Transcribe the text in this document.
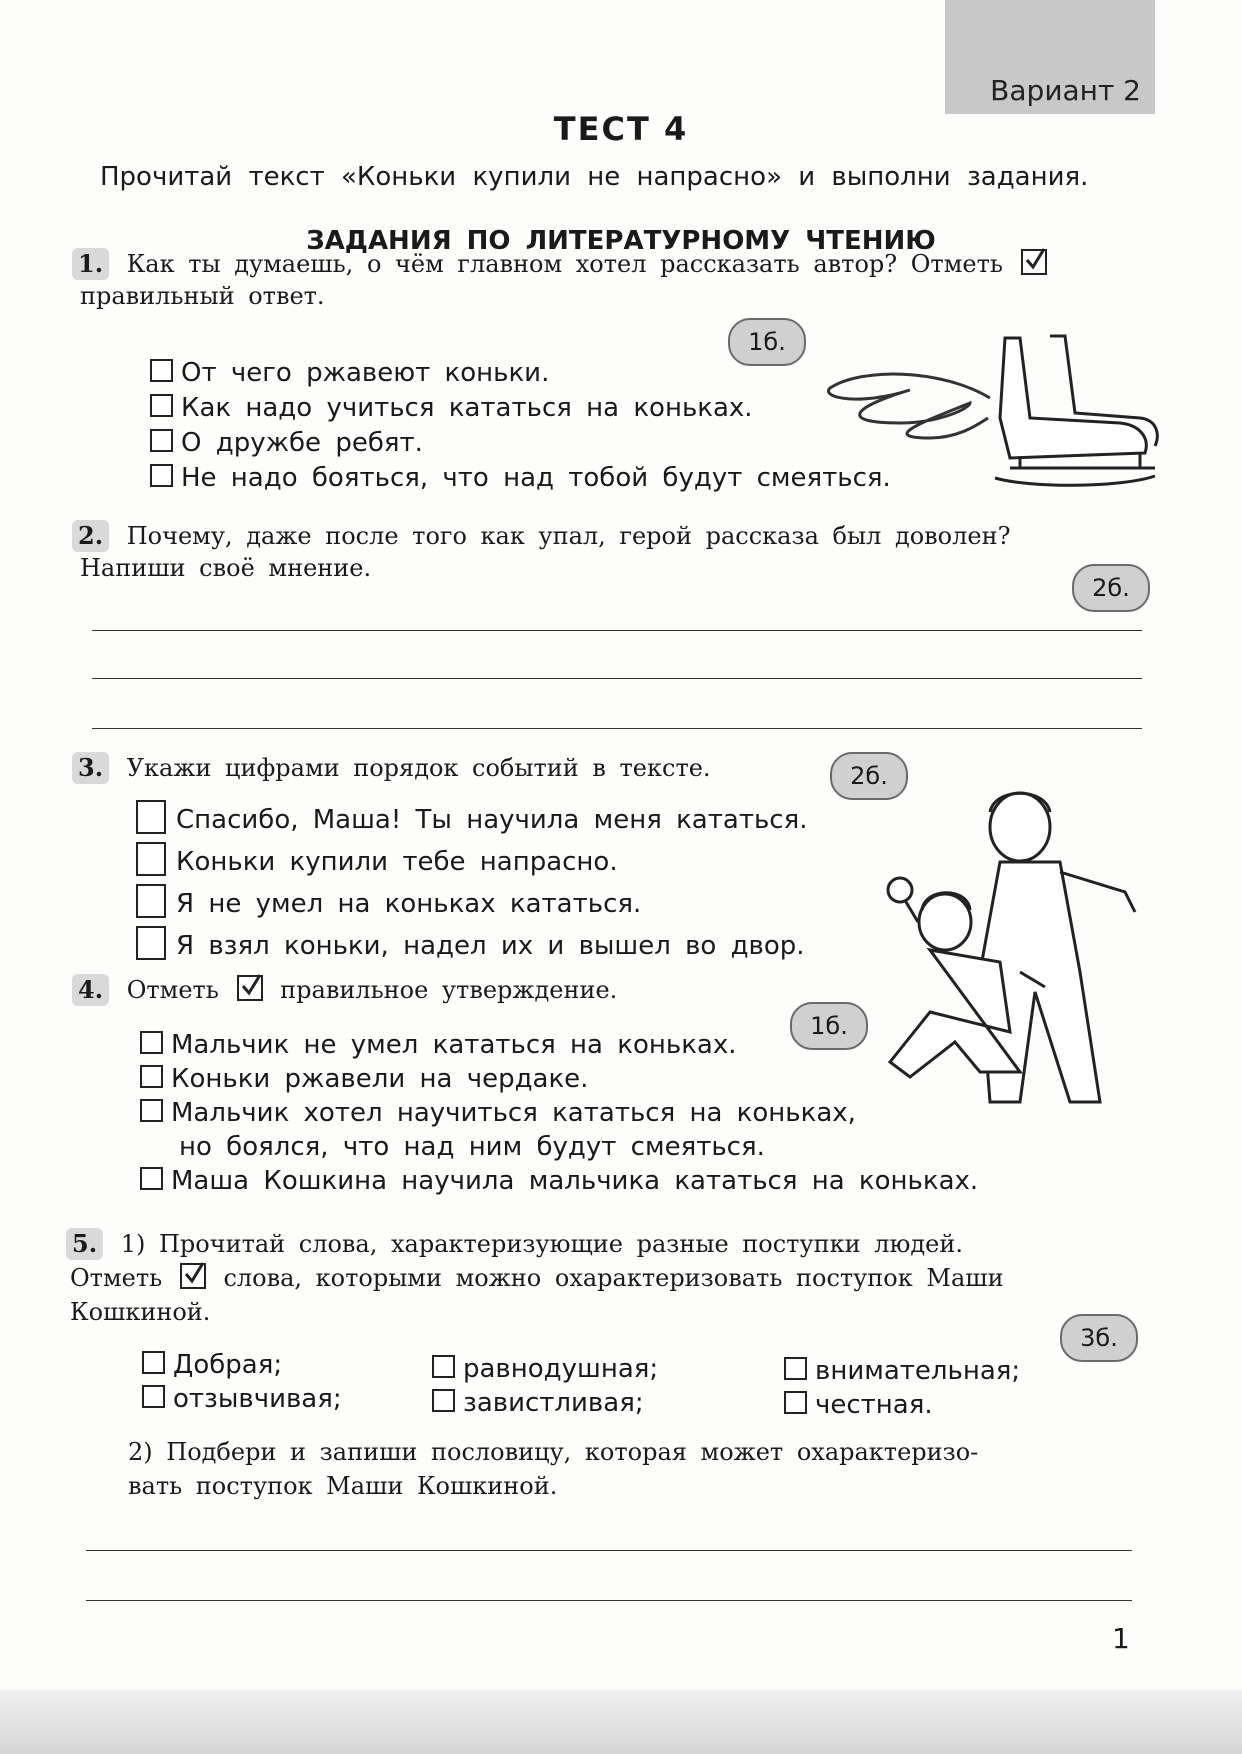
Вариант 2
ТЕСТ 4
Прочитай текст «Коньки купили не напрасно» и выполни задания.
ЗАДАНИЯ ПО ЛИТЕРАТУРНОМУ ЧТЕНИЮ
1. Как ты думаешь, о чём главном хотел рассказать автор? Отметь
правильный ответ.
1б.
От чего ржавеют коньки.
Как надо учиться кататься на коньках.
О дружбе ребят.
Не надо бояться, что над тобой будут смеяться.
2. Почему, даже после того как упал, герой рассказа был доволен?
Напиши своё мнение.
2б.
3. Укажи цифрами порядок событий в тексте.	2б.
Спасибо, Маша! Ты научила меня кататься.
Коньки купили тебе напрасно.
Я не умел на коньках кататься.
Я взял коньки, надел их и вышел во двор.
4. Отметь	правильное утверждение.
1б.
Мальчик не умел кататься на коньках.
Коньки ржавели на чердаке.
Мальчик хотел научиться кататься на коньках,
но боялся, что над ним будут смеяться.
Маша Кошкина научила мальчика кататься на коньках.
5. 1) Прочитай слова, характеризующие разные поступки людей.
Отметь	слова, которыми можно охарактеризовать поступок Маши
Кошкиной.
3б.
Добрая;	равнодушная;	внимательная;
отзывчивая;	завистливая;	честная.
2) Подбери и запиши пословицу, которая может охарактеризо-
вать поступок Маши Кошкиной.
1
